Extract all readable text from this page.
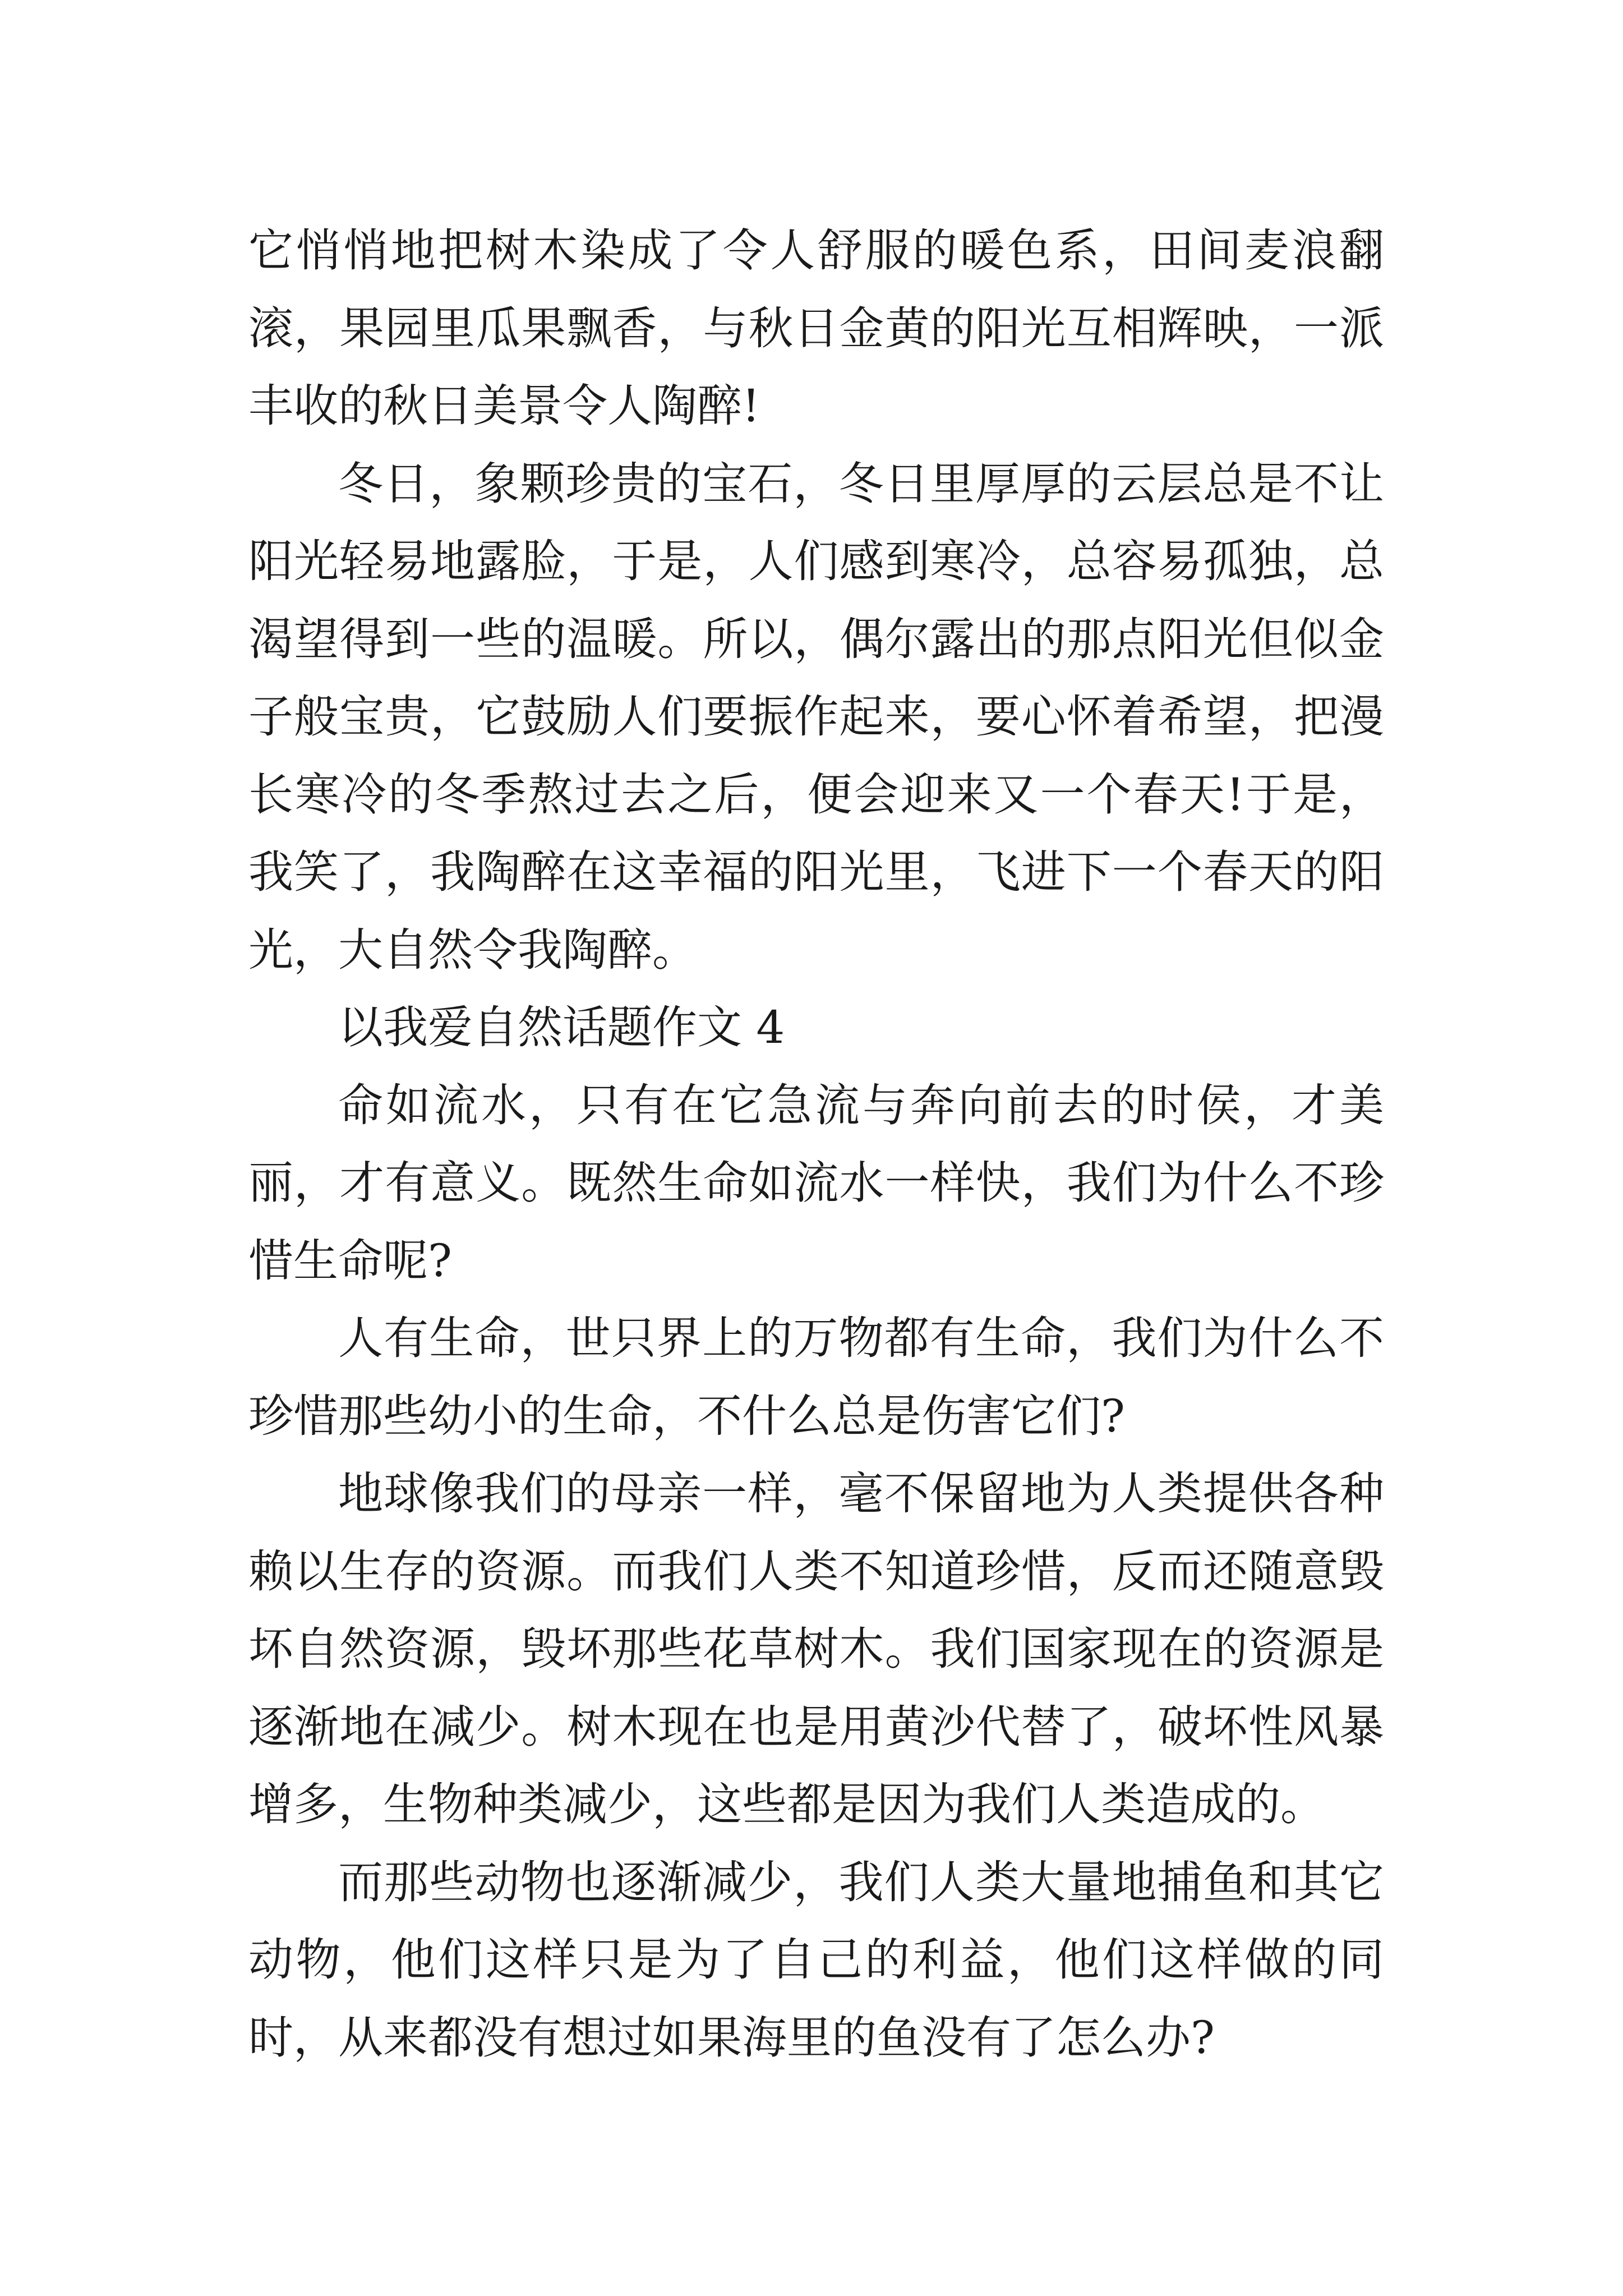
它悄悄地把树木染成了令人舒服的暖色系，田间麦浪翻滚，果园里瓜果飘香，与秋日金黄的阳光互相辉映，一派丰收的秋日美景令人陶醉!

冬日，象颗珍贵的宝石，冬日里厚厚的云层总是不让阳光轻易地露脸，于是，人们感到寒冷，总容易孤独，总渴望得到一些的温暖。所以，偶尔露出的那点阳光但似金子般宝贵，它鼓励人们要振作起来，要心怀着希望，把漫长寒冷的冬季熬过去之后，便会迎来又一个春天!于是，我笑了，我陶醉在这幸福的阳光里，飞进下一个春天的阳光，大自然令我陶醉。

以我爱自然话题作文 4

命如流水，只有在它急流与奔向前去的时侯，才美丽，才有意义。既然生命如流水一样快，我们为什么不珍惜生命呢?

人有生命，世只界上的万物都有生命，我们为什么不珍惜那些幼小的生命，不什么总是伤害它们?

地球像我们的母亲一样，毫不保留地为人类提供各种赖以生存的资源。而我们人类不知道珍惜，反而还随意毁坏自然资源，毁坏那些花草树木。我们国家现在的资源是逐渐地在减少。树木现在也是用黄沙代替了，破坏性风暴增多，生物种类减少，这些都是因为我们人类造成的。

而那些动物也逐渐减少，我们人类大量地捕鱼和其它动物，他们这样只是为了自己的利益，他们这样做的同时，从来都没有想过如果海里的鱼没有了怎么办?
